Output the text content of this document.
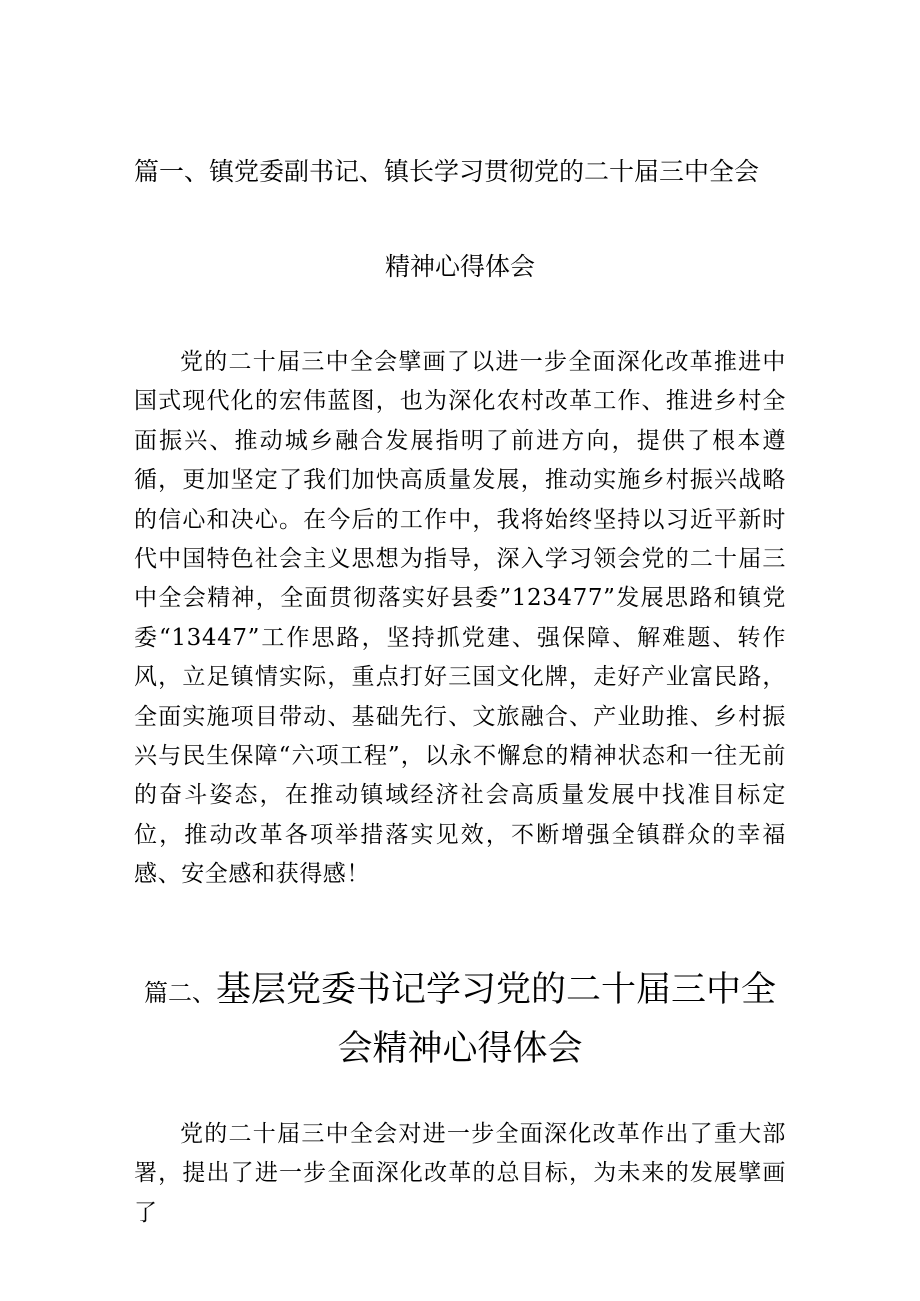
篇一、镇党委副书记、镇长学习贯彻党的二十届三中全会
精神心得体会
党的二十届三中全会擘画了以进一步全面深化改革推进中国式现代化的宏伟蓝图，也为深化农村改革工作、推进乡村全面振兴、推动城乡融合发展指明了前进方向，提供了根本遵循，更加坚定了我们加快高质量发展，推动实施乡村振兴战略的信心和决心。在今后的工作中，我将始终坚持以习近平新时代中国特色社会主义思想为指导，深入学习领会党的二十届三中全会精神，全面贯彻落实好县委”123477”发展思路和镇党委“13447”工作思路，坚持抓党建、强保障、解难题、转作风，立足镇情实际，重点打好三国文化牌，走好产业富民路，全面实施项目带动、基础先行、文旅融合、产业助推、乡村振兴与民生保障“六项工程”，以永不懈怠的精神状态和一往无前的奋斗姿态，在推动镇域经济社会高质量发展中找准目标定位，推动改革各项举措落实见效，不断增强全镇群众的幸福感、安全感和获得感！
篇二、基层党委书记学习党的二十届三中全会精神心得体会
党的二十届三中全会对进一步全面深化改革作出了重大部署，提出了进一步全面深化改革的总目标，为未来的发展擘画了
